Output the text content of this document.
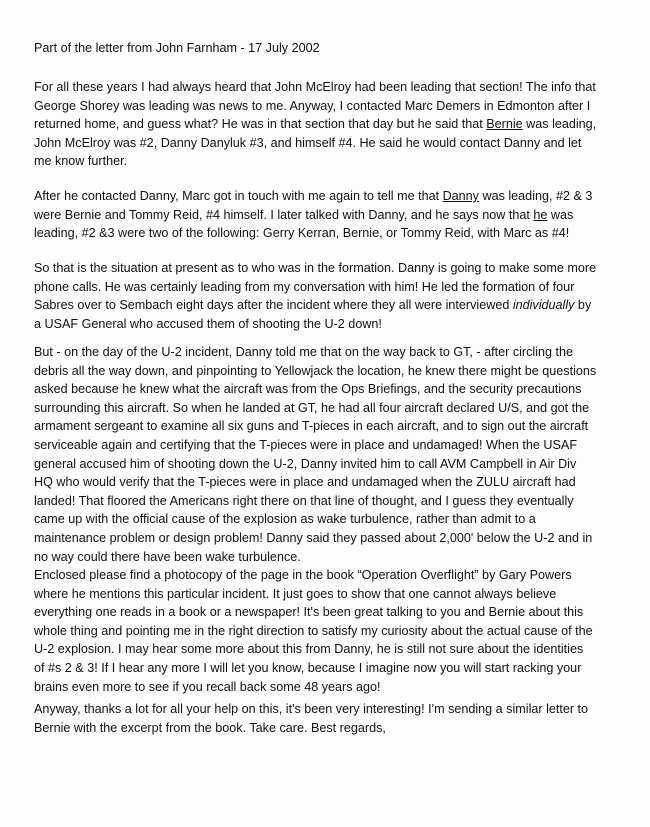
Part of the letter from John Farnham - 17 July 2002
For all these years I had always heard that John McElroy had been leading that section! The info that
George Shorey was leading was news to me. Anyway, I contacted Marc Demers in Edmonton after I
returned home, and guess what? He was in that section that day but he said that Bernie was leading,
John McElroy was #2, Danny Danyluk #3, and himself #4. He said he would contact Danny and let
me know further.
After he contacted Danny, Marc got in touch with me again to tell me that Danny was leading, #2 & 3
were Bernie and Tommy Reid, #4 himself. I later talked with Danny, and he says now that he was
leading, #2 &3 were two of the following: Gerry Kerran, Bernie, or Tommy Reid, with Marc as #4!
So that is the situation at present as to who was in the formation. Danny is going to make some more
phone calls. He was certainly leading from my conversation with him! He led the formation of four
Sabres over to Sembach eight days after the incident where they all were interviewed individually by
a USAF General who accused them of shooting the U-2 down!
But - on the day of the U-2 incident, Danny told me that on the way back to GT, - after circling the
debris all the way down, and pinpointing to Yellowjack the location, he knew there might be questions
asked because he knew what the aircraft was from the Ops Briefings, and the security precautions
surrounding this aircraft. So when he landed at GT, he had all four aircraft declared U/S, and got the
armament sergeant to examine all six guns and T-pieces in each aircraft, and to sign out the aircraft
serviceable again and certifying that the T-pieces were in place and undamaged! When the USAF
general accused him of shooting down the U-2, Danny invited him to call AVM Campbell in Air Div
HQ who would verify that the T-pieces were in place and undamaged when the ZULU aircraft had
landed! That floored the Americans right there on that line of thought, and I guess they eventually
came up with the official cause of the explosion as wake turbulence, rather than admit to a
maintenance problem or design problem! Danny said they passed about 2,000' below the U-2 and in
no way could there have been wake turbulence.
Enclosed please find a photocopy of the page in the book “Operation Overflight” by Gary Powers
where he mentions this particular incident. It just goes to show that one cannot always believe
everything one reads in a book or a newspaper! It's been great talking to you and Bernie about this
whole thing and pointing me in the right direction to satisfy my curiosity about the actual cause of the
U-2 explosion. I may hear some more about this from Danny, he is still not sure about the identities
of #s 2 & 3! If I hear any more I will let you know, because I imagine now you will start racking your
brains even more to see if you recall back some 48 years ago!
Anyway, thanks a lot for all your help on this, it's been very interesting! I'm sending a similar letter to
Bernie with the excerpt from the book. Take care. Best regards,
